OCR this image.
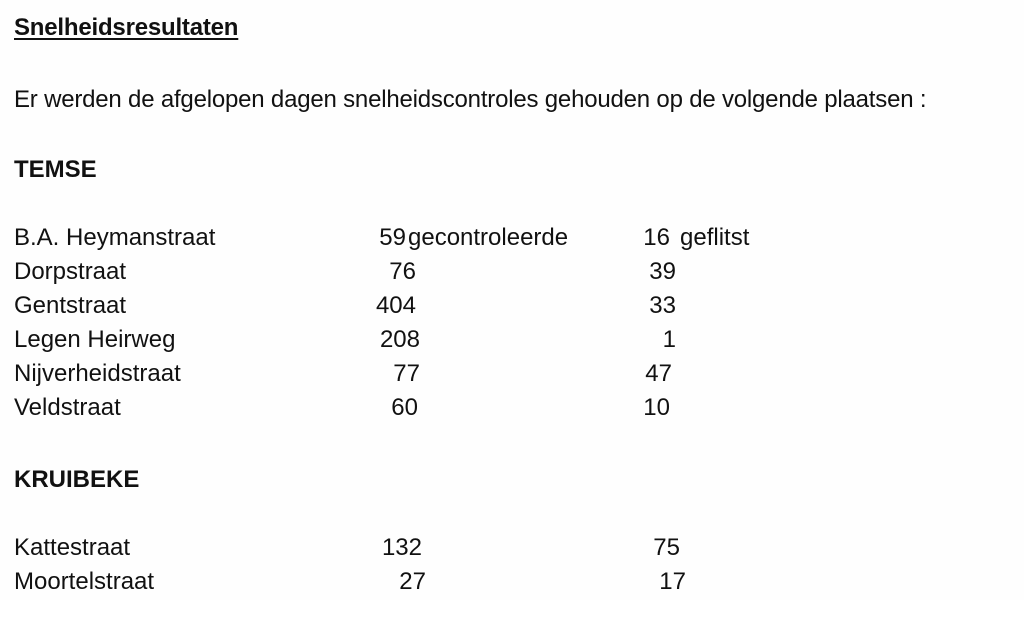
Snelheidsresultaten
Er werden de afgelopen dagen snelheidscontroles gehouden op de volgende plaatsen :
TEMSE
B.A. Heymanstraat	59 gecontroleerde	16 geflitst
Dorpstraat	76	39
Gentstraat	404	33
Legen Heirweg	208	1
Nijverheidstraat	77	47
Veldstraat	60	10
KRUIBEKE
Kattestraat	132	75
Moortelstraat	27	17
